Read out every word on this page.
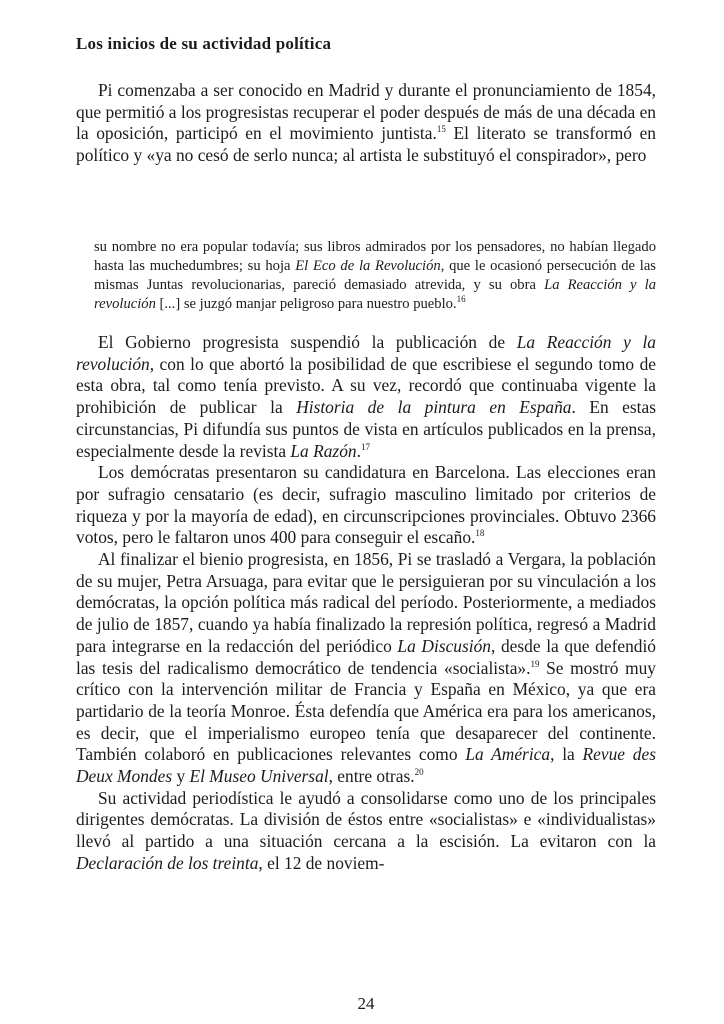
Los inicios de su actividad política
Pi comenzaba a ser conocido en Madrid y durante el pronunciamiento de 1854, que permitió a los progresistas recuperar el poder después de más de una década en la oposición, participó en el movimiento juntista.$^{15}$ El literato se transformó en político y «ya no cesó de serlo nunca; al artista le substituyó el conspirador», pero
su nombre no era popular todavía; sus libros admirados por los pensadores, no habían llegado hasta las muchedumbres; su hoja El Eco de la Revolución, que le ocasionó persecución de las mismas Juntas revolucionarias, pareció demasiado atrevida, y su obra La Reacción y la revolución [...] se juzgó manjar peligroso para nuestro pueblo.$^{16}$

El Gobierno progresista suspendió la publicación de La Reacción y la revolución, con lo que abortó la posibilidad de que escribiese el segundo tomo de esta obra, tal como tenía previsto. A su vez, recordó que continuaba vigente la prohibición de publicar la Historia de la pintura en España. En estas circunstancias, Pi difundía sus puntos de vista en artículos publicados en la prensa, especialmente desde la revista La Razón.$^{17}$

Los demócratas presentaron su candidatura en Barcelona. Las elecciones eran por sufragio censatario (es decir, sufragio masculino limitado por criterios de riqueza y por la mayoría de edad), en circunscripciones provinciales. Obtuvo 2366 votos, pero le faltaron unos 400 para conseguir el escaño.$^{18}$

Al finalizar el bienio progresista, en 1856, Pi se trasladó a Vergara, la población de su mujer, Petra Arsuaga, para evitar que le persiguieran por su vinculación a los demócratas, la opción política más radical del período. Posteriormente, a mediados de julio de 1857, cuando ya había finalizado la represión política, regresó a Madrid para integrarse en la redacción del periódico La Discusión, desde la que defendió las tesis del radicalismo democrático de tendencia «socialista».$^{19}$ Se mostró muy crítico con la intervención militar de Francia y España en México, ya que era partidario de la teoría Monroe. Ésta defendía que América era para los americanos, es decir, que el imperialismo europeo tenía que desaparecer del continente. También colaboró en publicaciones relevantes como La América, la Revue des Deux Mondes y El Museo Universal, entre otras.$^{20}$

Su actividad periodística le ayudó a consolidarse como uno de los principales dirigentes demócratas. La división de éstos entre «socialistas» e «individualistas» llevó al partido a una situación cercana a la escisión. La evitaron con la Declaración de los treinta, el 12 de noviem-

24
